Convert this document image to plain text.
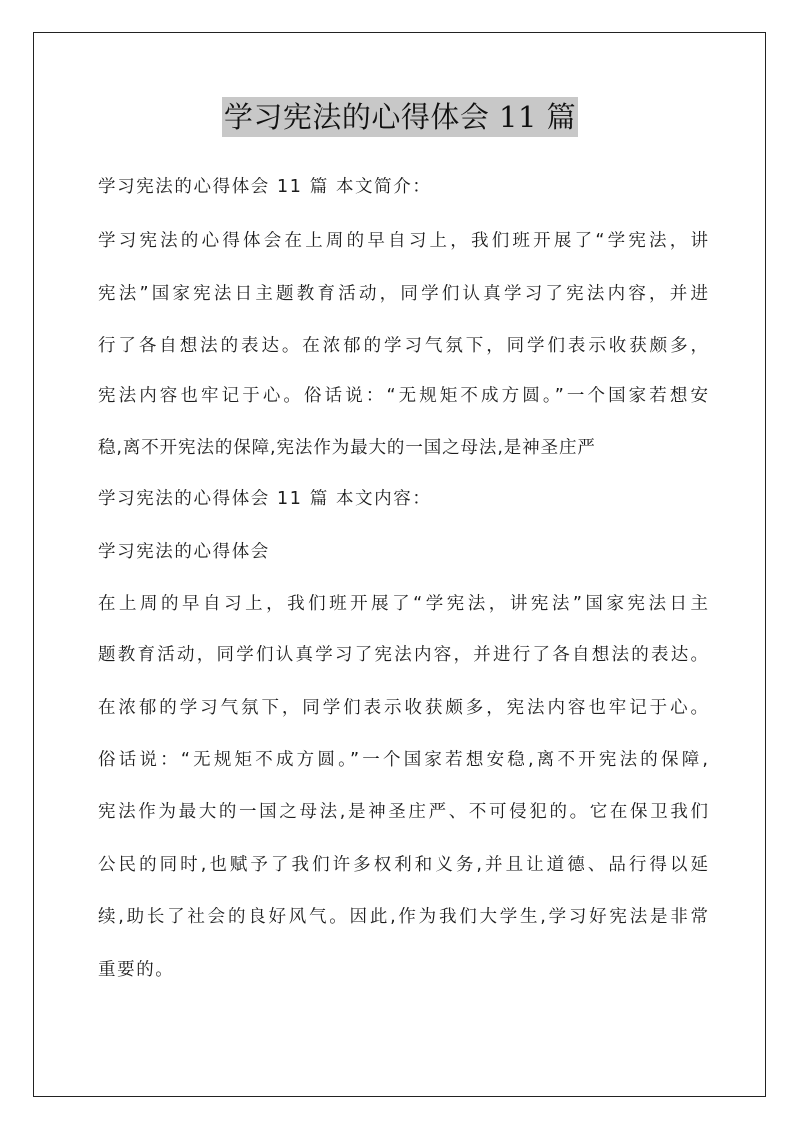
学习宪法的心得体会 11 篇
学习宪法的心得体会 11 篇 本文简介：
学习宪法的心得体会在上周的早自习上，我们班开展了“学宪法，讲
宪法”国家宪法日主题教育活动，同学们认真学习了宪法内容，并进
行了各自想法的表达。在浓郁的学习气氛下，同学们表示收获颇多，
宪法内容也牢记于心。俗话说：“无规矩不成方圆。”一个国家若想安
稳,离不开宪法的保障,宪法作为最大的一国之母法,是神圣庄严
学习宪法的心得体会 11 篇 本文内容：
学习宪法的心得体会
在上周的早自习上，我们班开展了“学宪法，讲宪法”国家宪法日主
题教育活动，同学们认真学习了宪法内容，并进行了各自想法的表达。
在浓郁的学习气氛下，同学们表示收获颇多，宪法内容也牢记于心。
俗话说：“无规矩不成方圆。”一个国家若想安稳,离不开宪法的保障,
宪法作为最大的一国之母法,是神圣庄严、不可侵犯的。它在保卫我们
公民的同时,也赋予了我们许多权利和义务,并且让道德、品行得以延
续,助长了社会的良好风气。因此,作为我们大学生,学习好宪法是非常
重要的。
